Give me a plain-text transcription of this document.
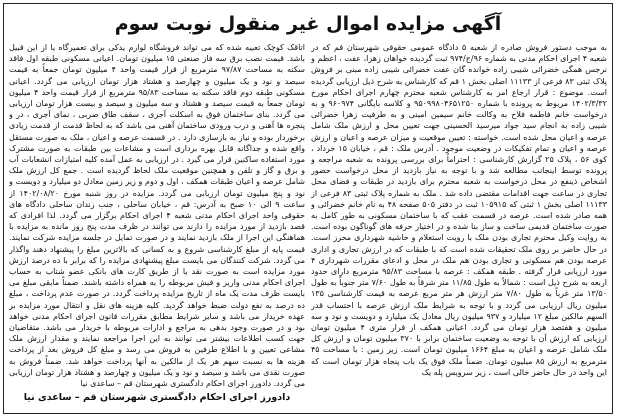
آگهی مزایده اموال غیر منقول نوبت سوم

به موجب دستور فروش صادره از شعبه ۵ دادگاه عمومی حقوقی شهرستان قم که در شعبه ۴ اجرای احکام مدنی به شماره ۹۶/ج/۹۷۴ ثبت گردیده خواهان زهرا، عفت ، اعظم و نرجس همگی خضرائی شیبی زاده خوانده گان عفت خضرائی شیبی زاده مبنی بر فروش پلاک ثبتی ۸۳ فرعی از ۱۱۱۳۳ اصلی بخش ۱ قم که کارشناس به شرح ذیل ارزیابی گردیده است. موضوع : قرار ارجاع امر به کارشناس شعبه محترم چهارم اجرای احکام مورخ ۱۴۰۲/۳/۳۲ مربوط به پرونده با شماره ۹۵۰۹۹۸۰۴۶۵۱۲۵۰ و کلاسه بایگانی ۹۶۰۹۷۴ و به درخواست خانم فاطمه فلاح به وکالت خانم سیمین امینی و به طرفیت زهرا خضرائی شیبی زاده به انجام سید جواد میرسید الحسینی جهت تعیین محل و ارزش ملک شامل عرصه و اعیان محل شده است. خواسته : تعیین موقعیت و میزان عرصه و اعیان و ارزش عرصه و اعیان و تمام تفکیکات در وضعیت موجود . آدرس ملک : قم ، خیابان ۱۵ خرداد ، کوی ۵۶ ، پلاک ۲۵ گزارش کارشناسی : احتراماً برای بررسی پرونده به شعبه مراجعه و پرونده توسط اینجانب مطالعه شد و با توجه به نیاز بازدید از محل درخواست حضور اشخاص ذینفع در محل درخواست به شعبه محترم برای بازدید در طبقات و فضای محل تجاری در ساعت جهت اقدامات مقتضی داده شد . ملک به شماره پلاک ثبتی ۸۳ فرعی از ۱۱۱۳۳ اصلی بخش ۱ ثبتی که ۱۰۵۹۱۵ ثبت در دفتر ۵۰۵ صفحه ۴۸ به نام خانم خضرائی و همه صادر شده است. عرصه در قسمت عقب که با ساختمان مسکونی به طور کامل به صورت ساختمان قدیمی ساخت و ساز بنا شده و در اختیار حرفه های گوناگون بوده است. به روایت وکیل محترم تجاری بودن ملک با رویت استعلام و حاشیه شهرداری محرز است. در حال حاضر بر روی ملک تحقیقات شده است که با طبقات که در ارزش تجاری و اداری عرصه بودن هم مسکونی و تجاری بودن هم ملک در محل و ادعای مقررات شهرداری ۴ مورد ارزیابی قرار گرفته . طبقه همکف : عرصه با مساحت ۹۵/۸۳ مترمربع دارای حدود اربعه به شرح ذیل است : شمالاً به طول ۱۱/۸۵ متر شرقاً به طول ۷/۶۰ متر جنوباً به طول ۱۳/۵۰ متر غرباً به طول ۷/۸۰ متر ارزش هر متر مربع عرصه به قیمت کارشناسی ۱۳۵ میلیون ریال ارزیابی می گردد و با توجه به شرایط ملک ارزش عرصه با احتساب قدر السهم مالکین مبلغ ۱۲ میلیارد و ۹۳۷ میلیون ریال معادل یک میلیارد و دویست و نود و سه میلیون و هفتصد هزار تومان می گردد. اعیانی همکف از قرار متری ۴ میلیون تومان ارزیابی که ارزش آن با توجه به وضعیت ساختمان برابر با ۳۷۰ میلیون تومان و ارزش کل ملک شامل عرصه و اعیان به مبلغ ۱۶۶۴ میلیون تومان است. زیر زمین : با مساحت ۴۵ مترمربع به ارزش ۸۵ میلیون تومان. ضمناً ملک فوق یک باب پنجاه هزار تومان است که این واحد در حال حاضر خالی است ، زیر سرویس پله یک

اتاقک کوچک تعبیه شده که می تواند فروشگاه لوازم یدکی برای تعمیرگاه یا از این قبیل باشد. قیمت نصب برق سه فاز صنعتی ۱۵ میلیون تومان. اعیانی مسکونی طبقه اول فاقد سکنه به مساحت ۹۷/۸۷ مترمربع از قرار قیمت واحد ۴ میلیون تومان جمعاً به قیمت سیصد و نود و یک میلیون و چهارصد و هشتاد هزار تومان ارزیابی می گردد. اعیانی مسکونی طبقه دوم فاقد سکنه به مساحت ۹۵/۸۳ مترمربع از قرار قیمت واحد ۴ میلیون تومان جمعاً به قیمت سیصد و هشتاد و سه میلیون و سیصد و بیست هزار تومان ارزیابی می گردد. بنای ساختمان فوق به اسکلت آجری ، سقف طاق ضربی ، نمای آجری ، در و پنجره ها آهنی و درب ورودی ساختمان آهنی می باشد که به لحاظ قدمت از قدمت زیادی برخوردار بوده و نیاز به بازسازی دارد . در قسمت عرصه و اعیان ، ملک به صورت مستقل واقع شده و جداگانه قابل بهره برداری است و مشاعات بین طبقات به صورت مشترک مورد استفاده ساکنین قرار می گیرد . در ارزیابی به عمل آمده کلیه امتیازات انشعابات آب و برق و گاز و تلفن و همچنین موقعیت ملک لحاظ گردیده است . جمع کل ارزش ملک شامل عرصه و اعیان طبقات همکف ، اول و دوم و زیر زمین معادل دو میلیارد و دویست و نود و پنج میلیون تومان ارزیابی می گردد. مزایده در روز شنبه مورخ ۱۴۰۲/۰۸/۲۰ از ساعت ۹ الی ۱۰ صبح به آدرس: قم ، خیابان ساحلی ، جنب زندان ساحلی دادگاه های حقوقی واحد اجرای احکام مدنی شعبه ۴ اجرای احکام برگزار می گردد. لذا افرادی که قصد بازدید از مورد مزایده را دارند می توانند در ظرف مدت پنج روز مانده به مزایده با هماهنگی این اجرا از ملک بازدید نمایند و در صورت تمایل در جلسه مزایده شرکت نمایند. قیمت پایه از مبلغ کارشناسی شروع و به کسانی که بالاترین مبلغ را پیشنهاد دهند واگذار می گردد. شرکت کنندگان می بایست مبلغ پیشنهادی مزایده را که برابر با ده درصد ارزش مورد مزایده است به صورت نقد یا از طریق کارت های بانکی عضو شتاب به حساب اجرای احکام مدنی واریز و فیش مربوطه را به همراه داشته باشند. ضمناً مابقی مبلغ می بایست ظرف مدت یک ماه از تاریخ مزایده پرداخت گردد. در صورت عدم پرداخت ، مبلغ ده درصد به نفع دولت ضبط خواهد گردید. کلیه هزینه های نقل و انتقال مورد مزایده بر عهده خریدار می باشد و سایر شرایط مطابق مقررات قانون اجرای احکام مدنی خواهد بود و در صورت وجود بدهی به مراجع و ادارات مربوطه با خریدار می باشد. متقاضیان جهت کسب اطلاعات بیشتر می توانند به این اجرا مراجعه نمایند و مقدار ارزش ملک مشاعی تعیین و با اطلاع طرفین به فروش می رسد و مبلغ کل فروش بعد از پرداخت هزینه ها به نسبت سهم هر یک از مالکین به آنها پرداخت خواهد شد. ضمناً فروش به صورت نقدی می باشد و سیصد و نود و یک میلیون و چهارصد و هشتاد هزار تومان ارزیابی می گردد. دادورز اجرای احکام دادگستری شهرستان قم – ساعدی نیا

دادورز اجرای احکام دادگستری شهرستان قم – ساعدی نیا
